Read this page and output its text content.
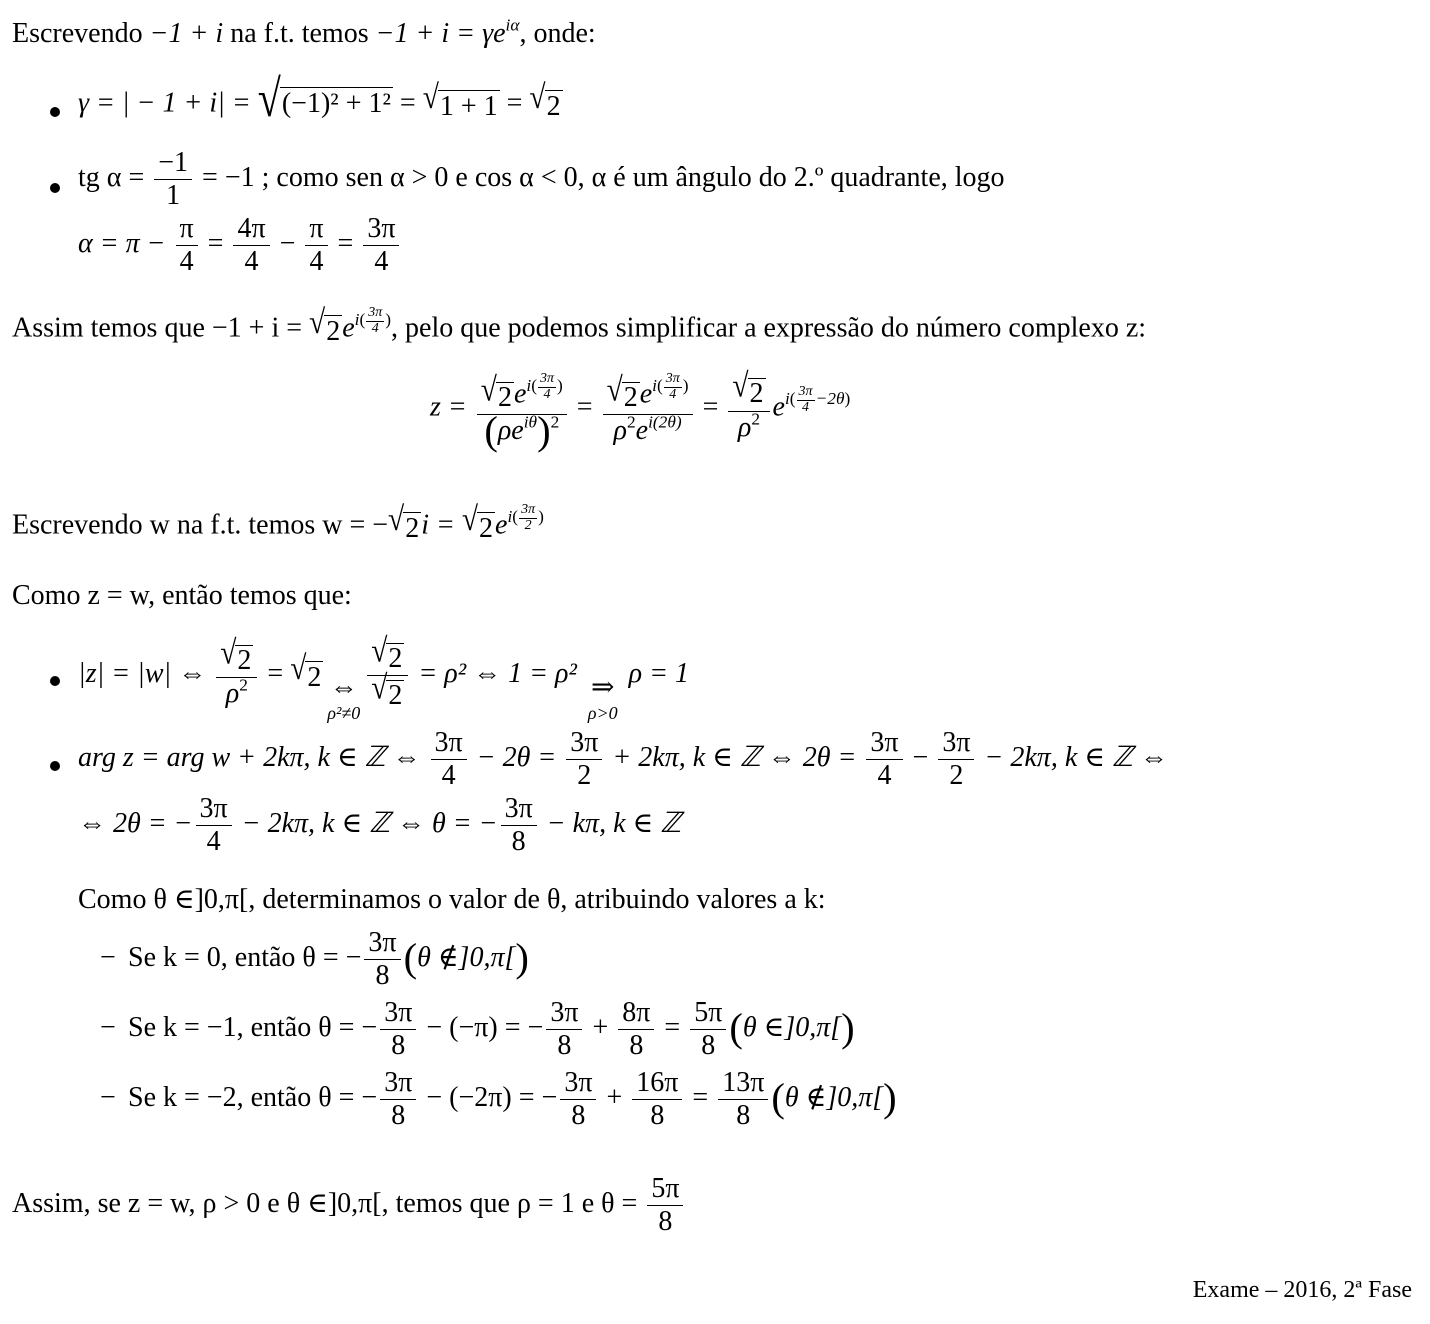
Escrevendo −1 + i na f.t. temos $-1 + i = \gamma e^{i\alpha}$, onde:
γ = | − 1 + i| = √ (−1)² + 1² = √ 1 + 1 = √ 2
tg $\alpha = \frac{-1}{1} = -1$ ; como sen α > 0 e cos α < 0, α é um ângulo do 2.º quadrante, logo
$\alpha = \pi - \frac{\pi}{4} = \frac{4\pi}{4} - \frac{\pi}{4} = \frac{3\pi}{4}$
Assim temos que −1 + i = √ 2 $e^{i( \frac{3\pi}{4} )}$, pelo que podemos simplificar a expressão do número complexo z:
z = √ 2 $e^{i( \frac{3\pi}{4} )}$
$(\rho e^{i\theta})^2$ = √ 2 $e^{i( \frac{3\pi}{4} )}$
$\rho^2e^{i(2\theta)} = \frac{√ 2}{\rho^2} e^{i( \frac{3\pi}{4} -2\theta)}$
Escrevendo w na f.t. temos w = − √ 2 i = √ 2 $e^{i( \frac{3\pi}{2} )}$
Como z = w, então temos que:
|z| = |w| ⇔ $\frac{√ 2}{\rho^2}$ = √ 2 ⇔
ρ²≠0
$\frac{√ 2}{√ 2} = \rho^2$ ⇔ 1 = ρ² ⇒
ρ>0
ρ = 1
arg z = arg w + 2kπ, k ∈ ℤ ⇔ $\frac{3\pi}{4} - 2\theta = \frac{3\pi}{2} + 2k\pi$, k ∈ ℤ ⇔ $2\theta = \frac{3\pi}{4} - \frac{3\pi}{2} - 2k\pi$, k ∈ ℤ ⇔
⇔ 2θ = − $\frac{3\pi}{4} - 2k\pi$, k ∈ ℤ ⇔ θ = − $\frac{3\pi}{8} - k\pi$, k ∈ ℤ
Como θ ∈]0,π[, determinamos o valor de θ, atribuindo valores a k:
− Se k = 0, então θ = − $\frac{3\pi}{8} (\theta$ ∉]0,π[)
− Se k = −1, então θ = − $\frac{3\pi}{8} - (-\pi)$ = − $\frac{3\pi}{8} + \frac{8\pi}{8} = \frac{5\pi}{8} (\theta$ ∈]0,π[)
− Se k = −2, então θ = − $\frac{3\pi}{8} - (-2\pi)$ = − $\frac{3\pi}{8} + \frac{16\pi}{8} = \frac{13\pi}{8} (\theta$ ∉]0,π[)
Assim, se z = w, ρ > 0 e θ ∈]0,π[, temos que ρ = 1 e $\theta = \frac{5\pi}{8}$
Exame – 2016, 2ª Fase
